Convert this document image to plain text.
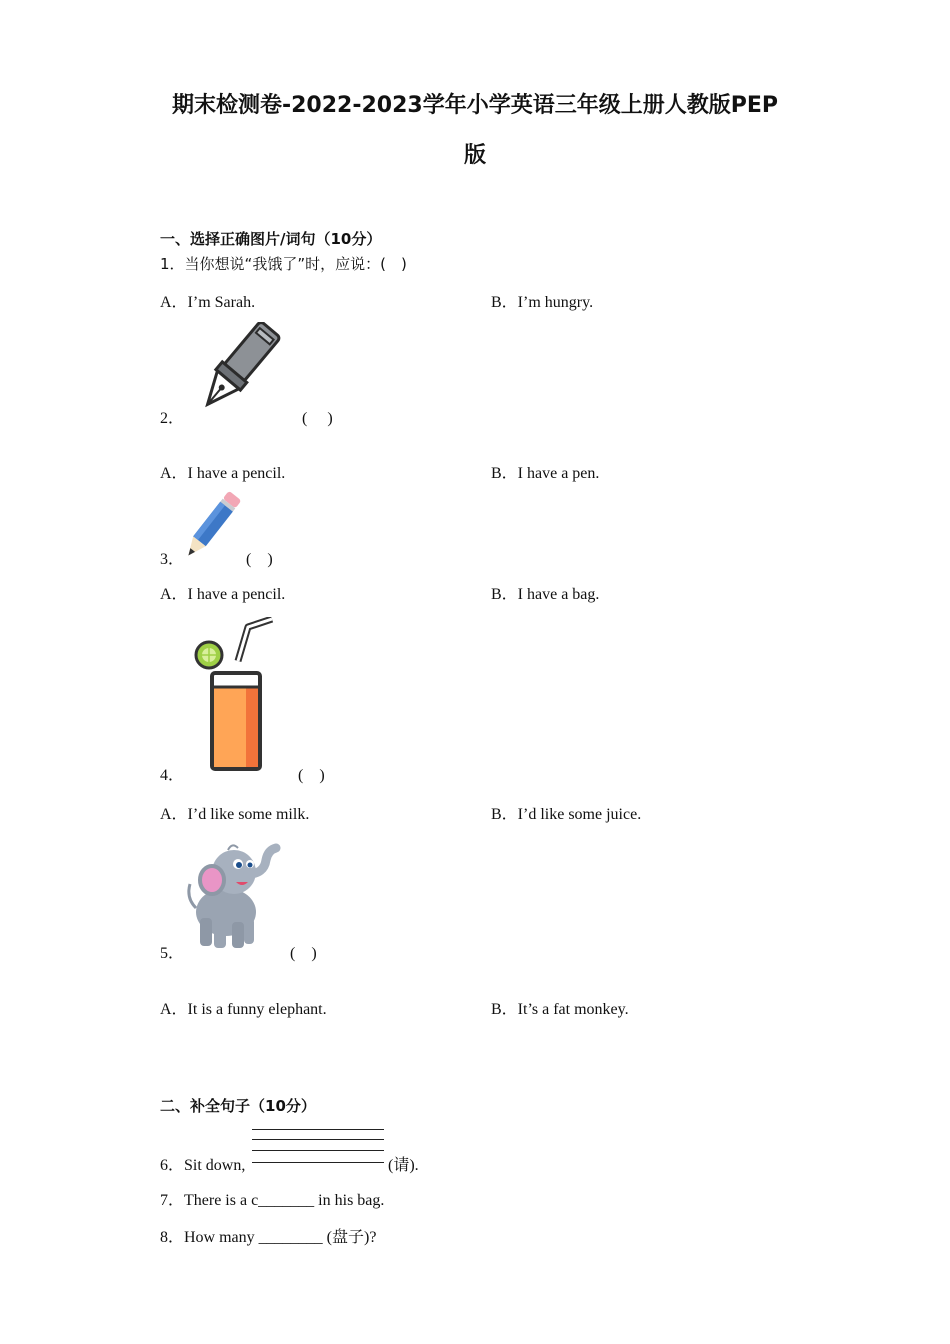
期末检测卷-2022-2023学年小学英语三年级上册人教版PEP
版
一、选择正确图片/词句（10分）
1．当你想说“我饿了”时，应说：(　)
A．I’m Sarah.	B．I’m hungry.
2．	(　 )
A．I have a pencil.	B．I have a pen.
3．	(　)
A．I have a pencil.	B．I have a bag.
4．	(　)
A．I’d like some milk.	B．I’d like some juice.
5．	(　)
A．It is a funny elephant.	B．It’s a fat monkey.
二、补全句子（10分）
6．Sit down,	(请).
7．There is a c_______ in his bag.
8．How many ________ (盘子)?
